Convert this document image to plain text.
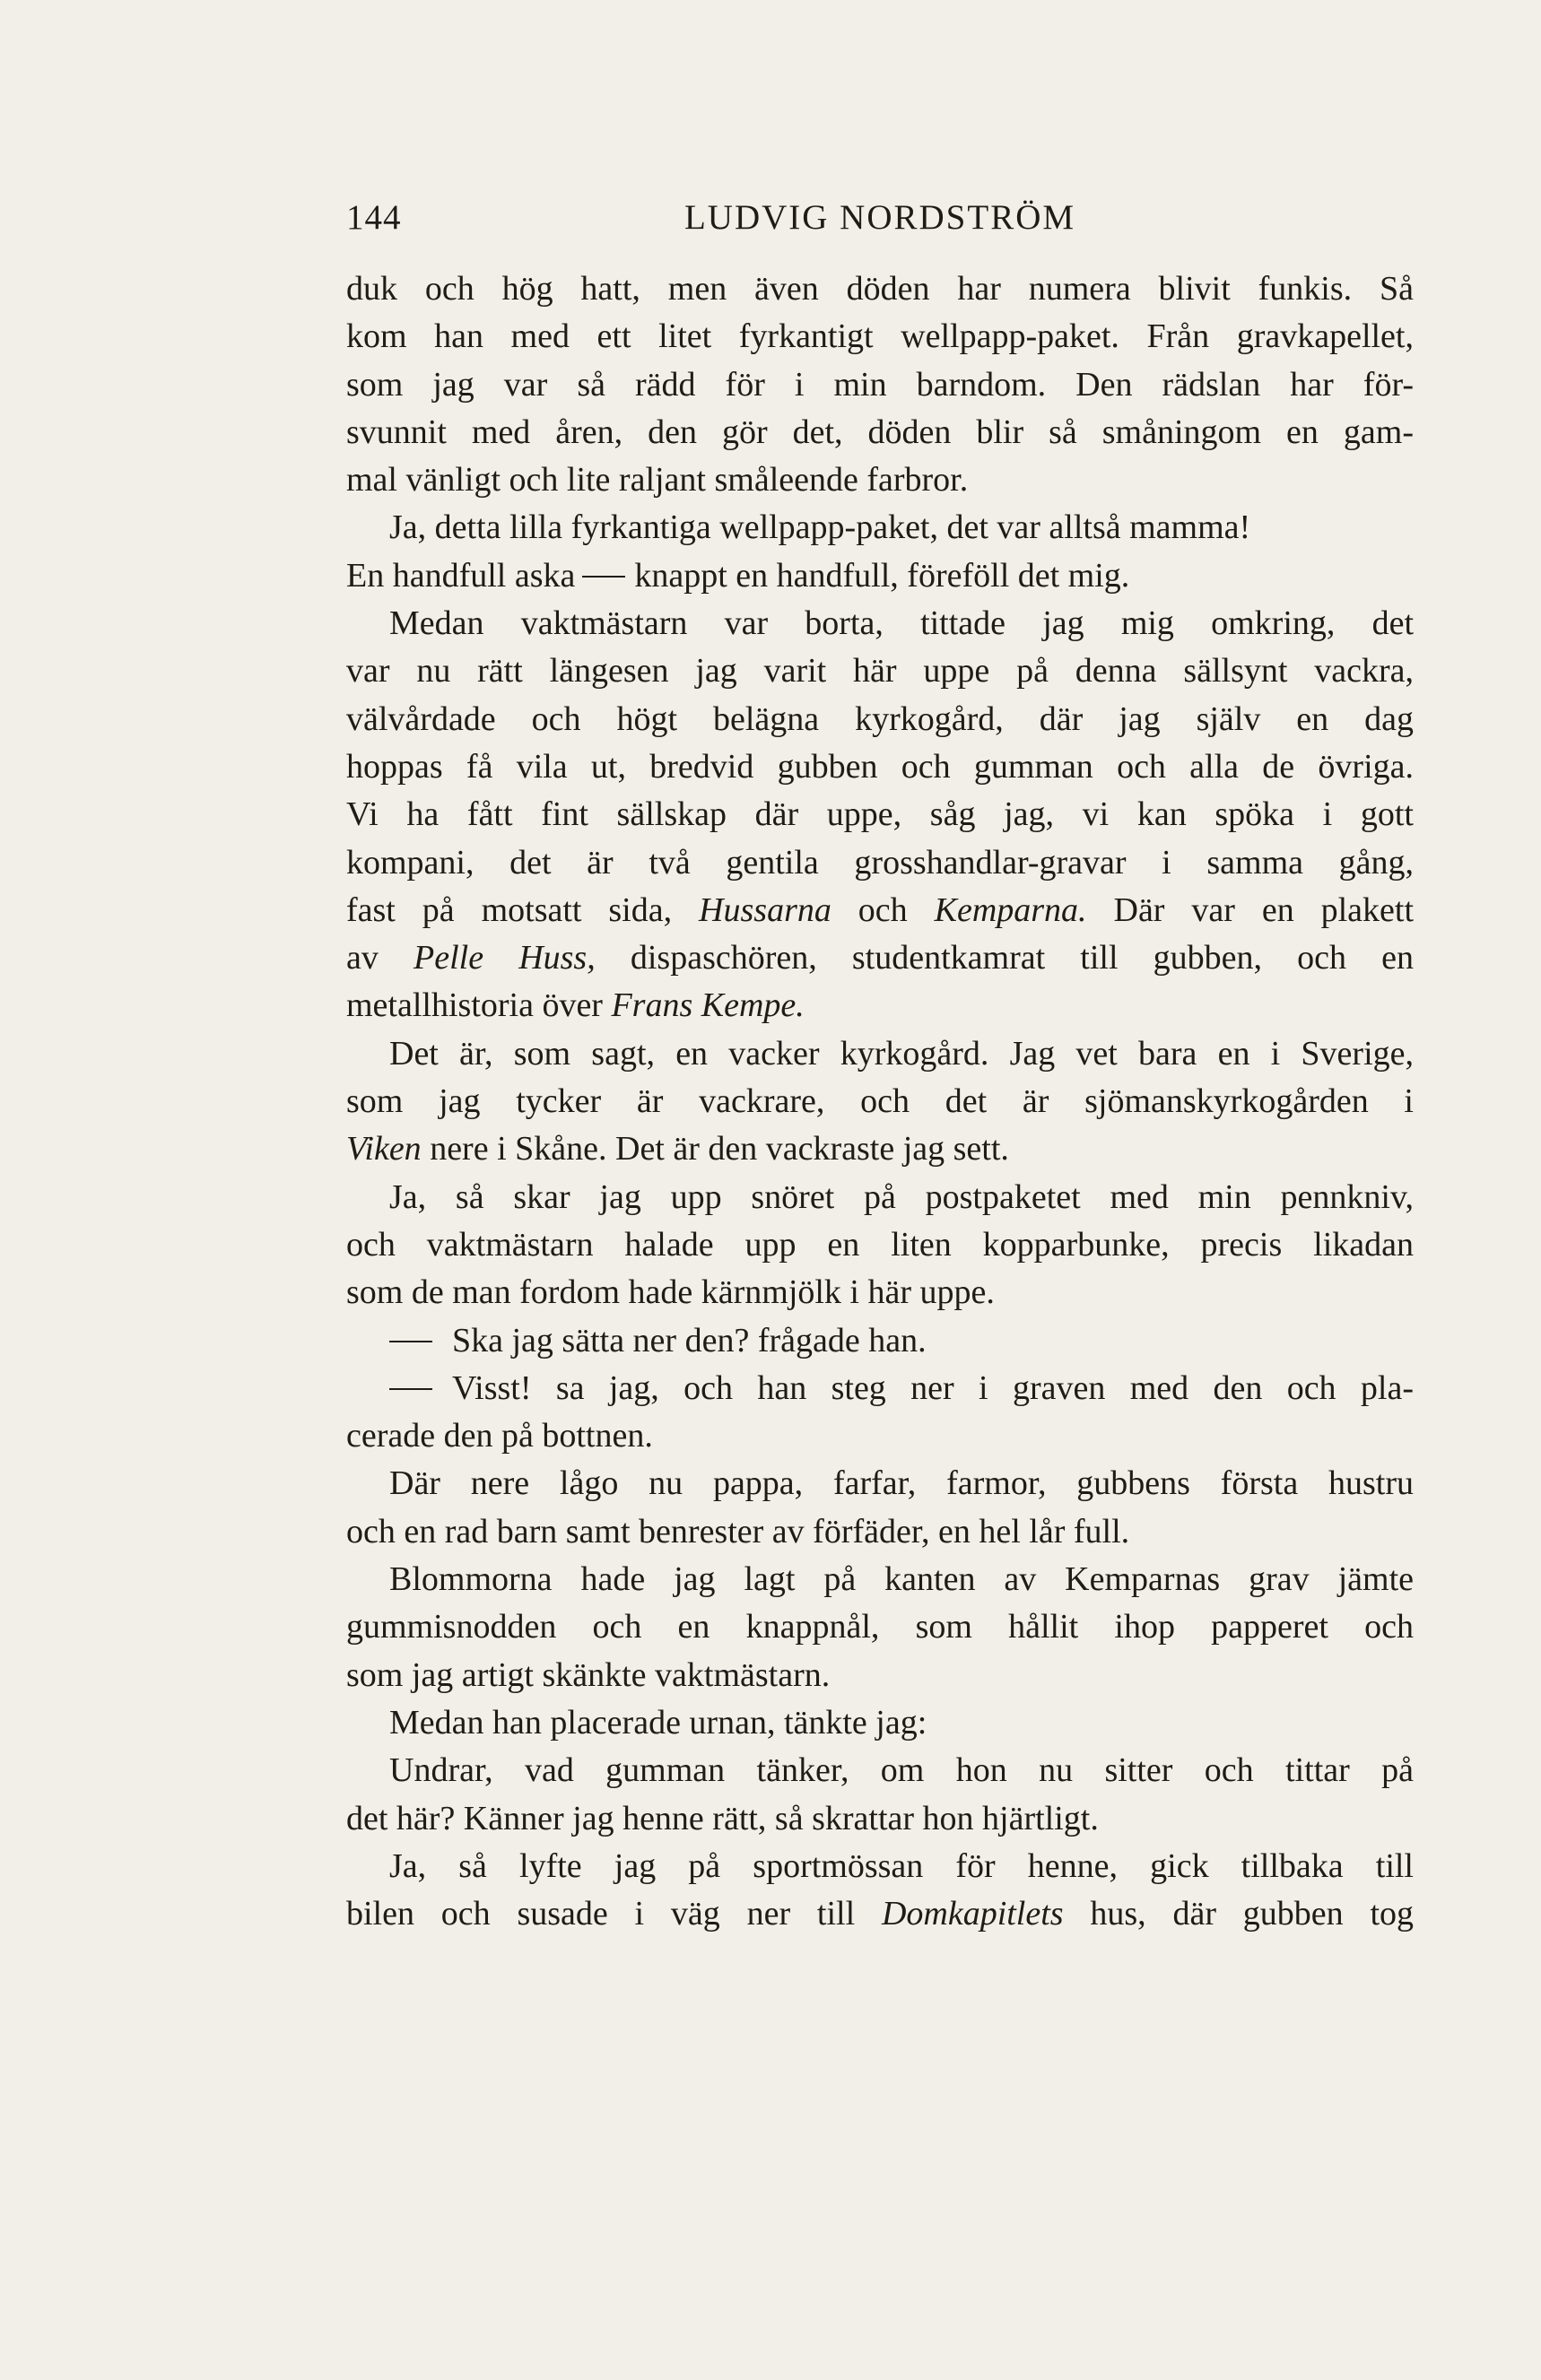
144	LUDVIG NORDSTRÖM
duk och hög hatt, men även döden har numera blivit funkis. Så
kom han med ett litet fyrkantigt wellpapp-paket. Från gravkapellet,
som jag var så rädd för i min barndom. Den rädslan har för-
svunnit med åren, den gör det, döden blir så småningom en gam-
mal vänligt och lite raljant småleende farbror.
Ja, detta lilla fyrkantiga wellpapp-paket, det var alltså mamma!
En handfull aska knappt en handfull, föreföll det mig.
Medan vaktmästarn var borta, tittade jag mig omkring, det
var nu rätt längesen jag varit här uppe på denna sällsynt vackra,
välvårdade och högt belägna kyrkogård, där jag själv en dag
hoppas få vila ut, bredvid gubben och gumman och alla de övriga.
Vi ha fått fint sällskap där uppe, såg jag, vi kan spöka i gott
kompani, det är två gentila grosshandlar-gravar i samma gång,
fast på motsatt sida, Hussarna och Kemparna. Där var en plakett
av Pelle Huss, dispaschören, studentkamrat till gubben, och en
metallhistoria över Frans Kempe.
Det är, som sagt, en vacker kyrkogård. Jag vet bara en i Sverige,
som jag tycker är vackrare, och det är sjömanskyrkogården i
Viken nere i Skåne. Det är den vackraste jag sett.
Ja, så skar jag upp snöret på postpaketet med min pennkniv,
och vaktmästarn halade upp en liten kopparbunke, precis likadan
som de man fordom hade kärnmjölk i här uppe.
Ska jag sätta ner den? frågade han.
Visst! sa jag, och han steg ner i graven med den och pla-
cerade den på bottnen.
Där nere lågo nu pappa, farfar, farmor, gubbens första hustru
och en rad barn samt benrester av förfäder, en hel lår full.
Blommorna hade jag lagt på kanten av Kemparnas grav jämte
gummisnodden och en knappnål, som hållit ihop papperet och
som jag artigt skänkte vaktmästarn.
Medan han placerade urnan, tänkte jag:
Undrar, vad gumman tänker, om hon nu sitter och tittar på
det här? Känner jag henne rätt, så skrattar hon hjärtligt.
Ja, så lyfte jag på sportmössan för henne, gick tillbaka till
bilen och susade i väg ner till Domkapitlets hus, där gubben tog
